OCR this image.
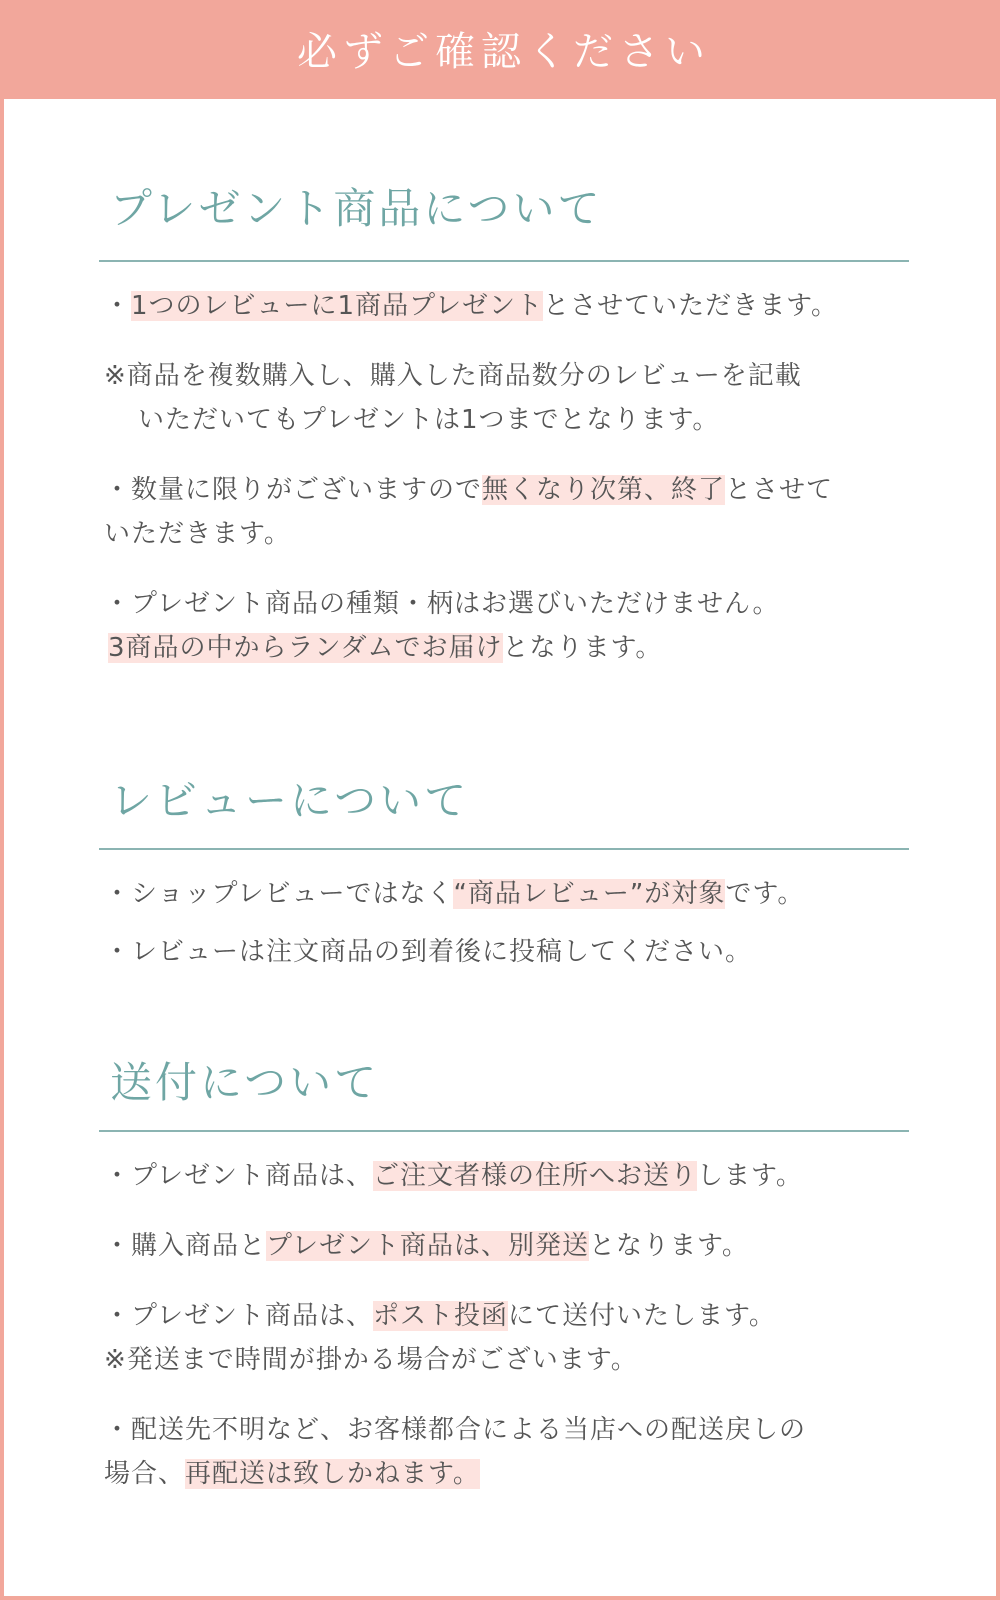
必ずご確認ください
プレゼント商品について
・1つのレビューに1商品プレゼントとさせていただきます。
※商品を複数購入し、購入した商品数分のレビューを記載
いただいてもプレゼントは1つまでとなります。
・数量に限りがございますので無くなり次第、終了とさせて
いただきます。
・プレゼント商品の種類・柄はお選びいただけません。
3商品の中からランダムでお届けとなります。
レビューについて
・ショップレビューではなく“商品レビュー”が対象です。
・レビューは注文商品の到着後に投稿してください。
送付について
・プレゼント商品は、ご注文者様の住所へお送りします。
・購入商品とプレゼント商品は、別発送となります。
・プレゼント商品は、ポスト投函にて送付いたします。
※発送まで時間が掛かる場合がございます。
・配送先不明など、お客様都合による当店への配送戻しの
場合、再配送は致しかねます。
